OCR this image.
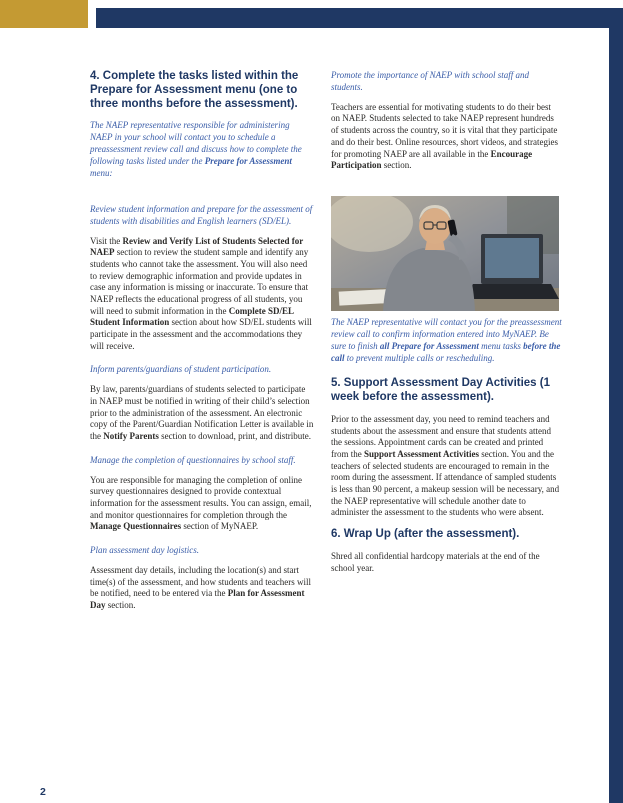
4. Complete the tasks listed within the Prepare for Assessment menu (one to three months before the assessment).

The NAEP representative responsible for administering NAEP in your school will contact you to schedule a preassessment review call and discuss how to complete the following tasks listed under the Prepare for Assessment menu:

Review student information and prepare for the assessment of students with disabilities and English learners (SD/EL).

Visit the Review and Verify List of Students Selected for NAEP section to review the student sample and identify any students who cannot take the assessment. You will also need to review demographic information and provide updates in case any information is missing or inaccurate. To ensure that NAEP reflects the educational progress of all students, you will need to submit information in the Complete SD/EL Student Information section about how SD/EL students will participate in the assessment and the accommodations they will receive.

Inform parents/guardians of student participation.

By law, parents/guardians of students selected to participate in NAEP must be notified in writing of their child’s selection prior to the administration of the assessment. An electronic copy of the Parent/Guardian Notification Letter is available in the Notify Parents section to download, print, and distribute.

Manage the completion of questionnaires by school staff.

You are responsible for managing the completion of online survey questionnaires designed to provide contextual information for the assessment results. You can assign, email, and monitor questionnaires for completion through the Manage Questionnaires section of MyNAEP.

Plan assessment day logistics.

Assessment day details, including the location(s) and start time(s) of the assessment, and how students and teachers will be notified, need to be entered via the Plan for Assessment Day section.

Promote the importance of NAEP with school staff and students.

Teachers are essential for motivating students to do their best on NAEP. Students selected to take NAEP represent hundreds of students across the country, so it is vital that they participate and do their best. Online resources, short videos, and strategies for promoting NAEP are all available in the Encourage Participation section.

The NAEP representative will contact you for the preassessment review call to confirm information entered into MyNAEP. Be sure to finish all Prepare for Assessment menu tasks before the call to prevent multiple calls or rescheduling.

5. Support Assessment Day Activities (1 week before the assessment).

Prior to the assessment day, you need to remind teachers and students about the assessment and ensure that students attend the sessions. Appointment cards can be created and printed from the Support Assessment Activities section. You and the teachers of selected students are encouraged to remain in the room during the assessment. If attendance of sampled students is less than 90 percent, a makeup session will be necessary, and the NAEP representative will schedule another date to administer the assessment to the students who were absent.

6. Wrap Up (after the assessment).

Shred all confidential hardcopy materials at the end of the school year.

2
